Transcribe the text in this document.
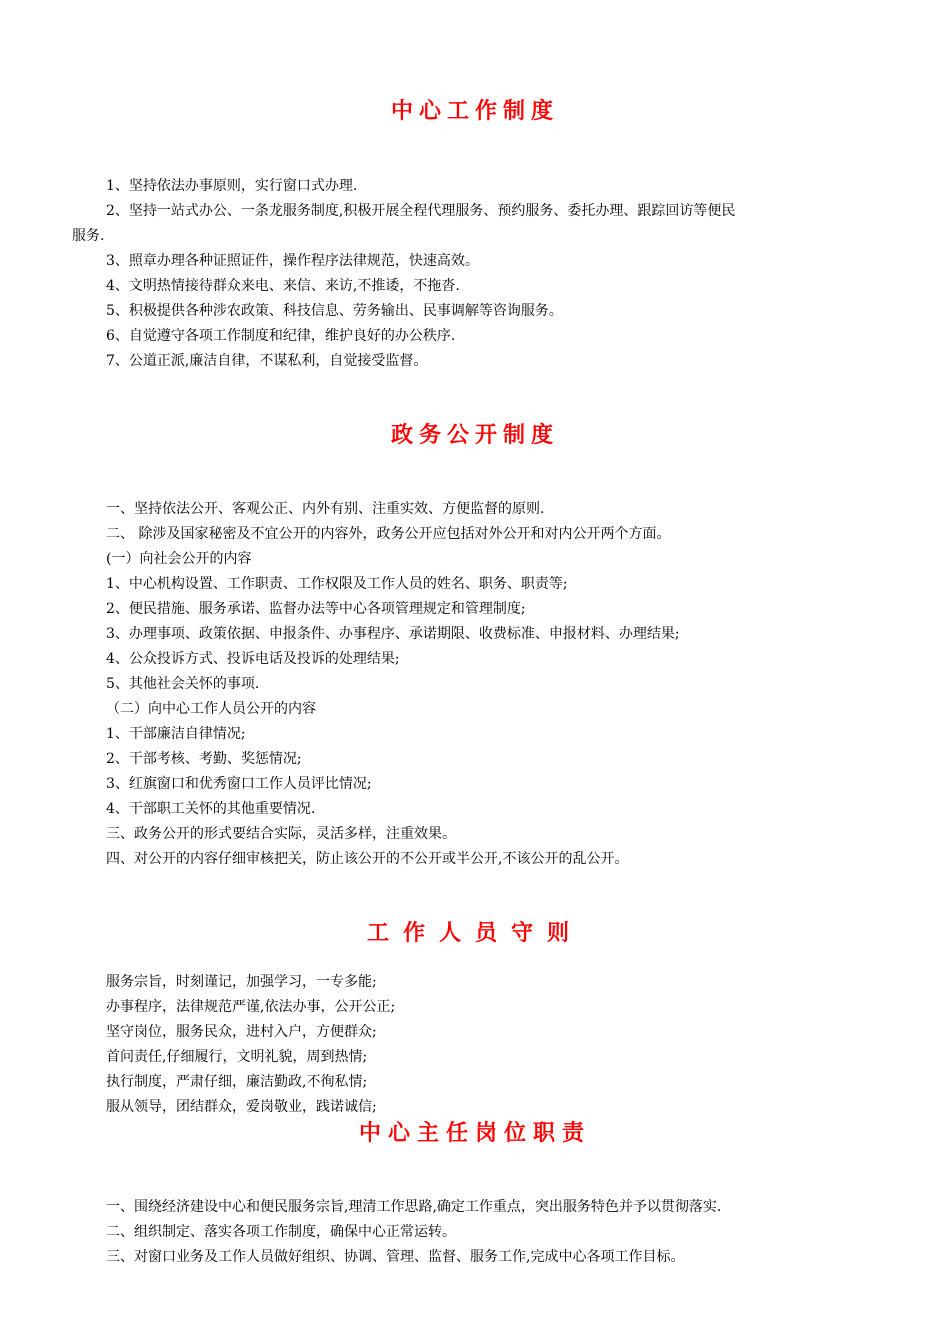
中心工作制度

1、坚持依法办事原则，实行窗口式办理.

2、坚持一站式办公、一条龙服务制度,积极开展全程代理服务、预约服务、委托办理、跟踪回访等便民

服务.

3、照章办理各种证照证件，操作程序法律规范，快速高效。

4、文明热情接待群众来电、来信、来访,不推诿，不拖沓.

5、积极提供各种涉农政策、科技信息、劳务输出、民事调解等咨询服务。

6、自觉遵守各项工作制度和纪律，维护良好的办公秩序.

7、公道正派,廉洁自律，不谋私利，自觉接受监督。

政务公开制度

一、坚持依法公开、客观公正、内外有别、注重实效、方便监督的原则.

二、 除涉及国家秘密及不宜公开的内容外，政务公开应包括对外公开和对内公开两个方面。

(一）向社会公开的内容

1、中心机构设置、工作职责、工作权限及工作人员的姓名、职务、职责等;

2、便民措施、服务承诺、监督办法等中心各项管理规定和管理制度;

3、办理事项、政策依据、申报条件、办事程序、承诺期限、收费标准、申报材料、办理结果;

4、公众投诉方式、投诉电话及投诉的处理结果;

5、其他社会关怀的事项.

（二）向中心工作人员公开的内容

1、干部廉洁自律情况;

2、干部考核、考勤、奖惩情况;

3、红旗窗口和优秀窗口工作人员评比情况;

4、干部职工关怀的其他重要情况.

三、政务公开的形式要结合实际，灵活多样，注重效果。

四、对公开的内容仔细审核把关，防止该公开的不公开或半公开,不该公开的乱公开。

工作人员守则

服务宗旨，时刻谨记，加强学习，一专多能;

办事程序，法律规范严谨,依法办事，公开公正;

坚守岗位，服务民众，进村入户，方便群众;

首问责任,仔细履行，文明礼貌，周到热情;

执行制度，严肃仔细，廉洁勤政,不徇私情;

服从领导，团结群众，爱岗敬业，践诺诚信;

中心主任岗位职责

一、围绕经济建设中心和便民服务宗旨,理清工作思路,确定工作重点，突出服务特色并予以贯彻落实.

二、组织制定、落实各项工作制度，确保中心正常运转。

三、对窗口业务及工作人员做好组织、协调、管理、监督、服务工作,完成中心各项工作目标。
